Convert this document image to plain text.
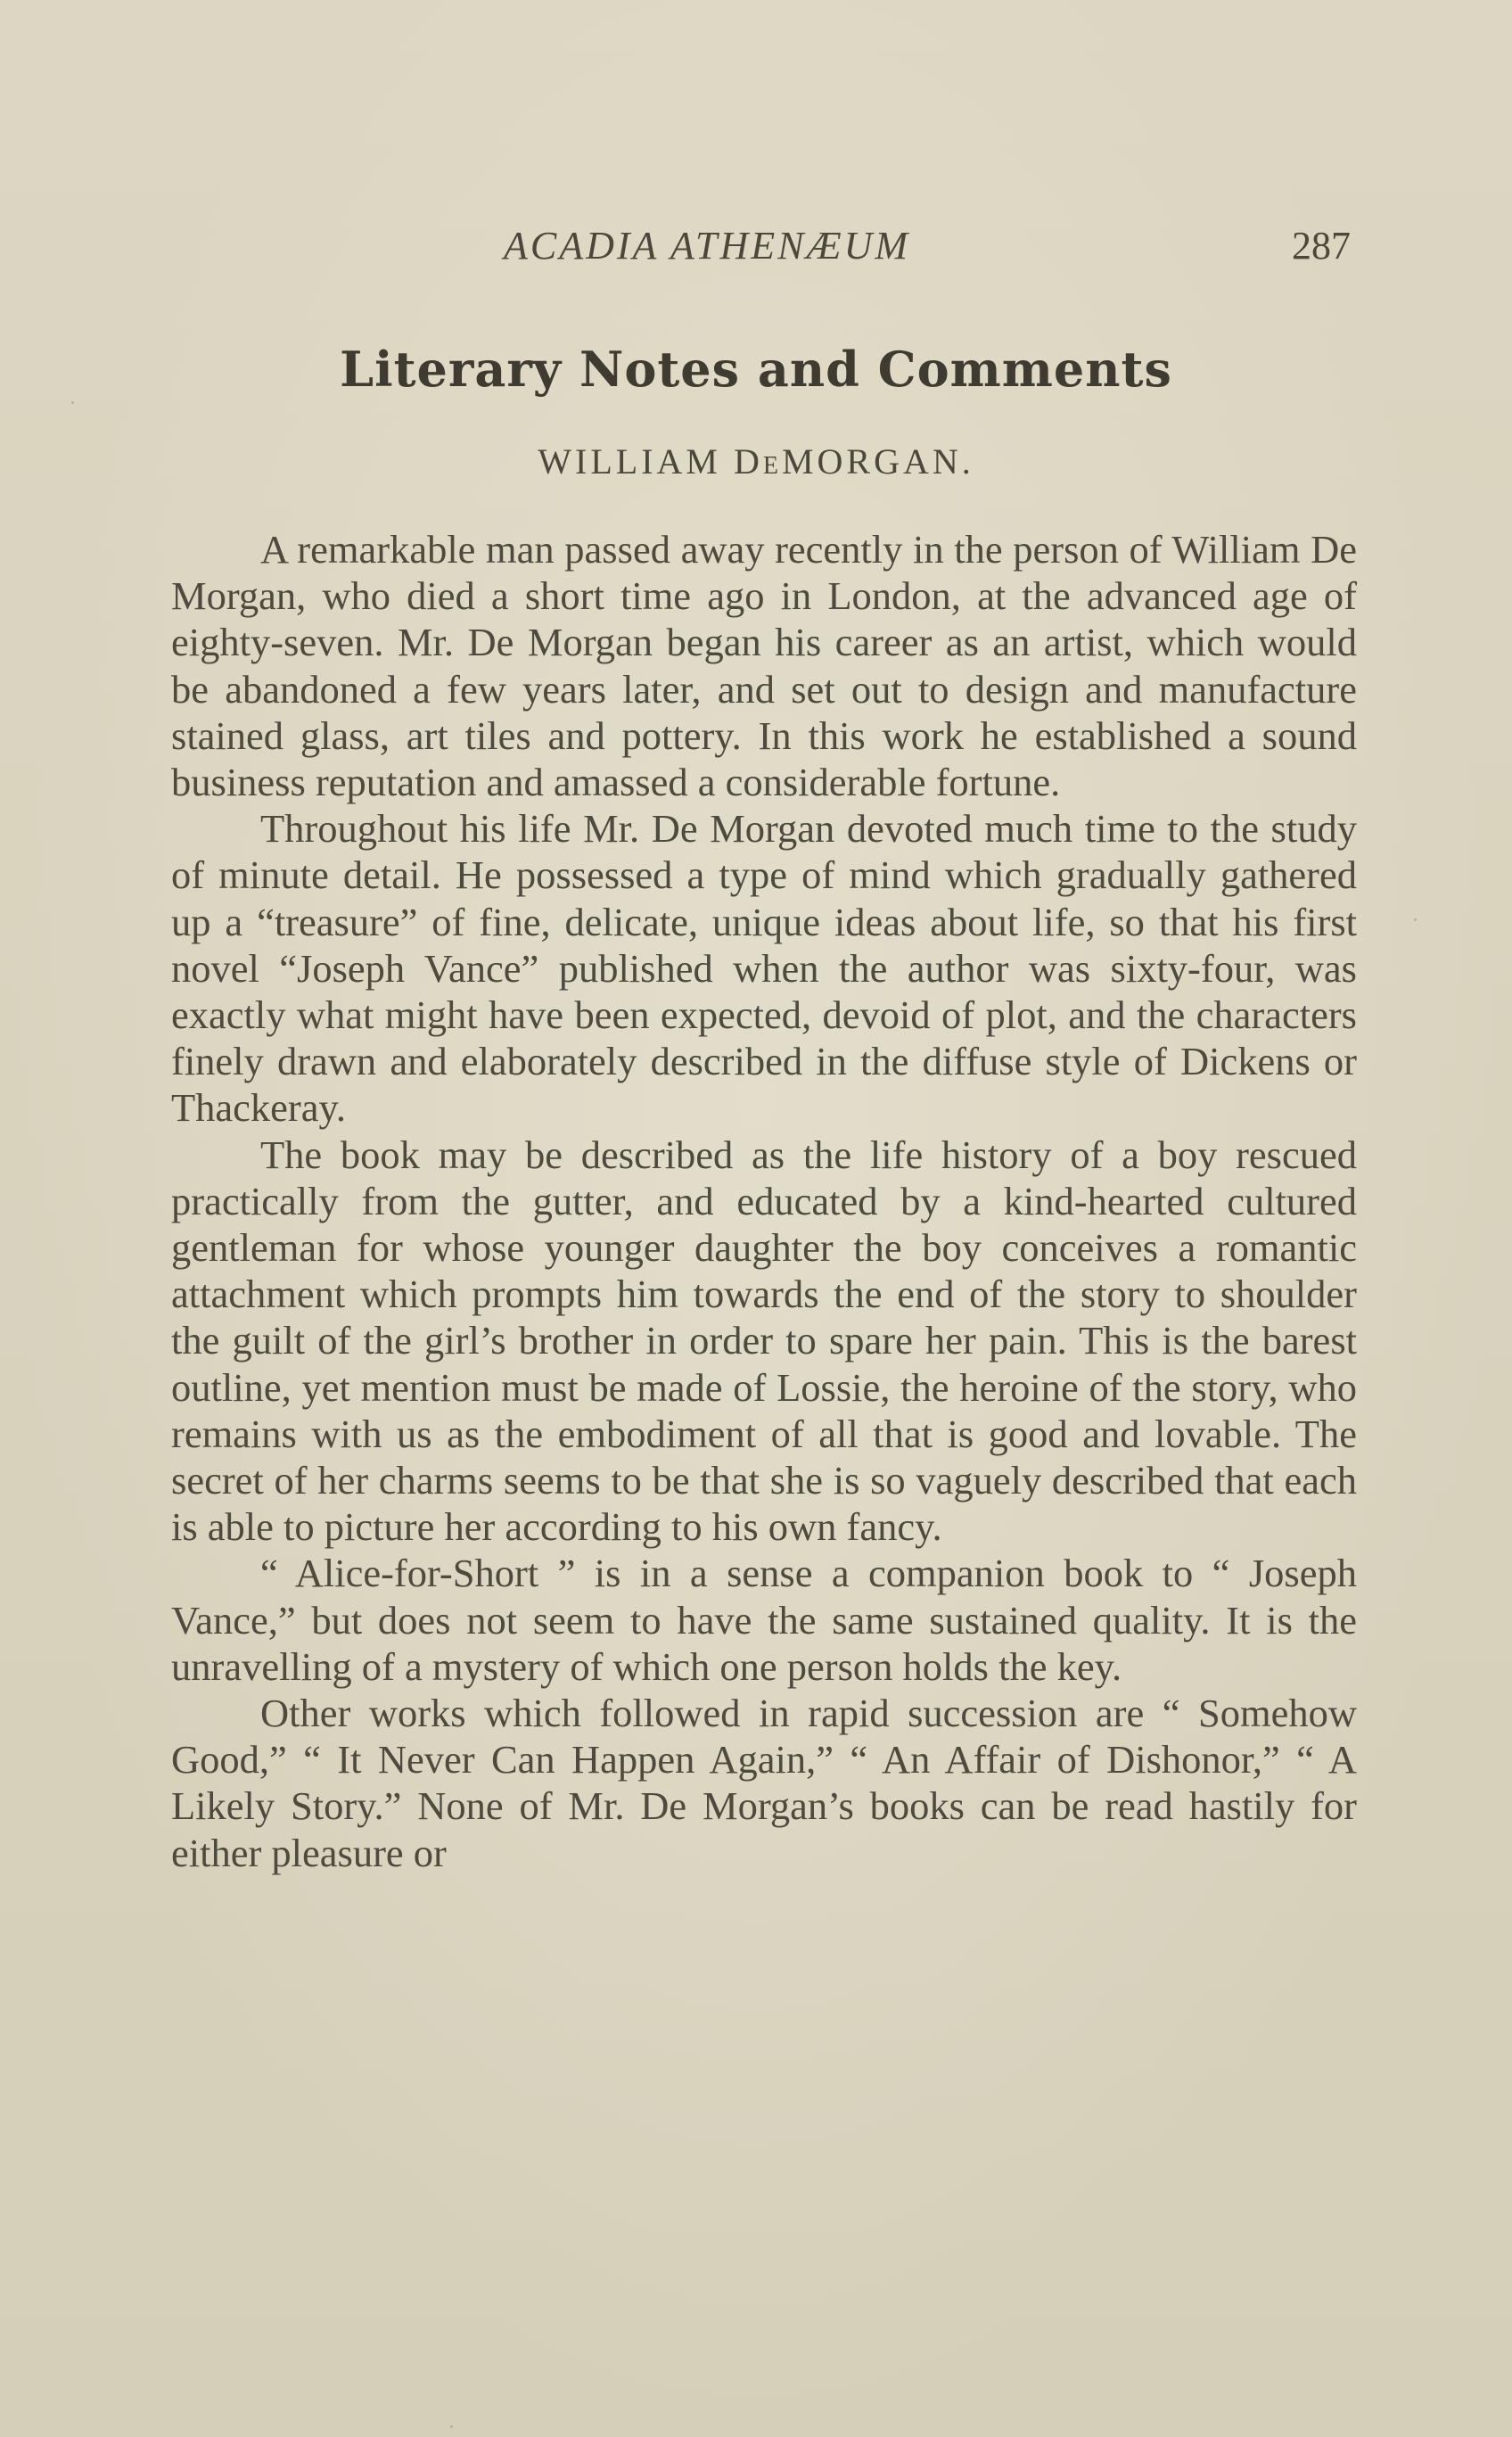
ACADIA ATHENÆUM	287
Literary Notes and Comments
WILLIAM DeMORGAN.

A remarkable man passed away recently in the person of William De Morgan, who died a short time ago in London, at the advanced age of eighty-seven. Mr. De Morgan began his career as an artist, which would be abandoned a few years later, and set out to design and manufacture stained glass, art tiles and pottery. In this work he established a sound business reputation and amassed a considerable fortune.

Throughout his life Mr. De Morgan devoted much time to the study of minute detail. He possessed a type of mind which gradually gathered up a “treasure” of fine, delicate, unique ideas about life, so that his first novel “Joseph Vance” published when the author was sixty-four, was exactly what might have been expected, devoid of plot, and the characters finely drawn and elaborately described in the diffuse style of Dickens or Thackeray.

The book may be described as the life history of a boy rescued practically from the gutter, and educated by a kind-hearted cultured gentleman for whose younger daughter the boy conceives a romantic attachment which prompts him towards the end of the story to shoulder the guilt of the girl’s brother in order to spare her pain. This is the barest outline, yet mention must be made of Lossie, the heroine of the story, who remains with us as the embodiment of all that is good and lovable. The secret of her charms seems to be that she is so vaguely described that each is able to picture her according to his own fancy.

“ Alice-for-Short ” is in a sense a companion book to “ Joseph Vance,” but does not seem to have the same sustained quality. It is the unravelling of a mystery of which one person holds the key.

Other works which followed in rapid succession are “ Somehow Good,” “ It Never Can Happen Again,” “ An Affair of Dishonor,” “ A Likely Story.” None of Mr. De Morgan’s books can be read hastily for either pleasure or
